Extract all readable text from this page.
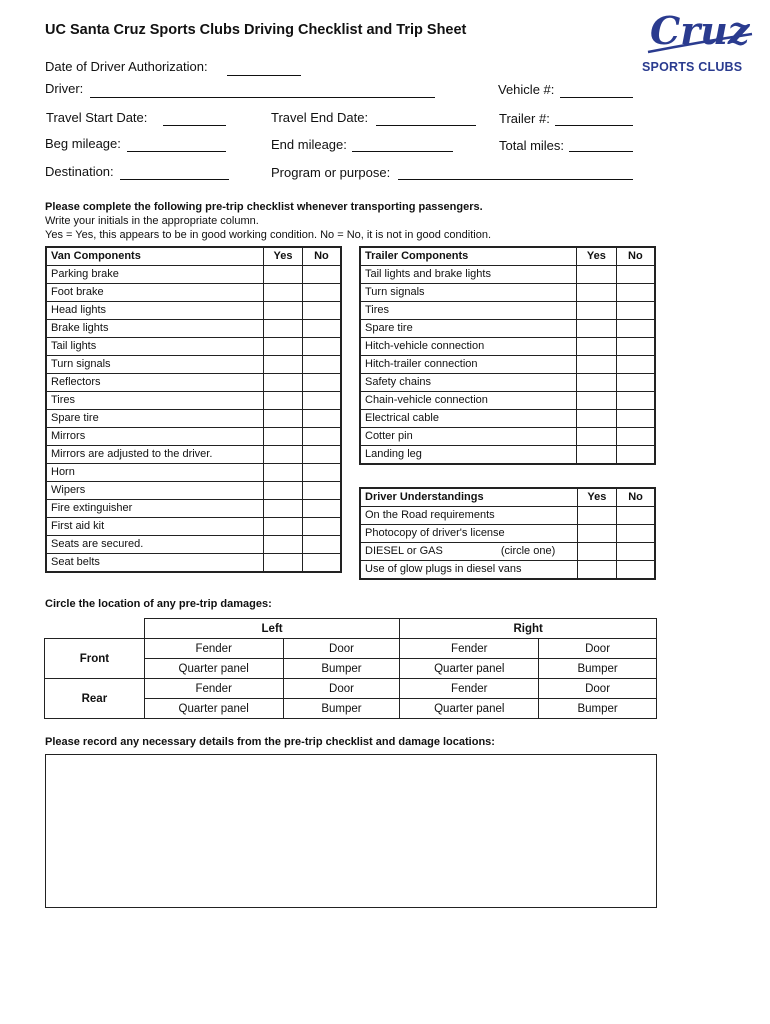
UC Santa Cruz Sports Clubs Driving Checklist and Trip Sheet	Cruz
SPORTS CLUBS
Date of Driver Authorization:
Driver:	Vehicle #:
Travel Start Date:	Travel End Date:	Trailer #:
Beg mileage:	End mileage:	Total miles:
Destination:	Program or purpose:
Please complete the following pre-trip checklist whenever transporting passengers.
Write your initials in the appropriate column.
Yes = Yes, this appears to be in good working condition. No = No, it is not in good condition.
Van Components	Yes	No
Parking brake		
Foot brake		
Head lights		
Brake lights		
Tail lights		
Turn signals		
Reflectors		
Tires		
Spare tire		
Mirrors		
Mirrors are adjusted to the driver.		
Horn		
Wipers		
Fire extinguisher		
First aid kit		
Seats are secured.		
Seat belts		
Trailer Components	Yes	No
Tail lights and brake lights		
Turn signals		
Tires		
Spare tire		
Hitch-vehicle connection		
Hitch-trailer connection		
Safety chains		
Chain-vehicle connection		
Electrical cable		
Cotter pin		
Landing leg		
Driver Understandings	Yes	No
On the Road requirements		
Photocopy of driver's license		
DIESEL or GAS (circle one)		
Use of glow plugs in diesel vans		
Circle the location of any pre-trip damages:
	Left		Right	
Front	Fender	Door	Fender	Door
	Quarter panel	Bumper	Quarter panel	Bumper
Rear	Fender	Door	Fender	Door
	Quarter panel	Bumper	Quarter panel	Bumper
Please record any necessary details from the pre-trip checklist and damage locations:
